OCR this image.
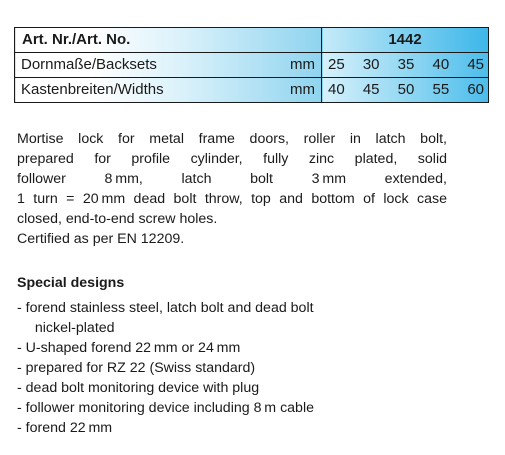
Art. Nr./Art. No.	1442

Dornmaße/Backsets mm	25 30 35 40 45

Kastenbreiten/Widths mm	40 45 50 55 60
Mortise lock for metal frame doors, roller in latch bolt,
prepared for profile cylinder, fully zinc plated, solid
follower 8 mm, latch bolt 3 mm extended,
1 turn = 20 mm dead bolt throw, top and bottom of lock case
closed, end-to-end screw holes.
Certified as per EN 12209.
Special designs
- forend stainless steel, latch bolt and dead bolt
nickel-plated
- U-shaped forend 22 mm or 24 mm
- prepared for RZ 22 (Swiss standard)
- dead bolt monitoring device with plug
- follower monitoring device including 8 m cable
- forend 22 mm
